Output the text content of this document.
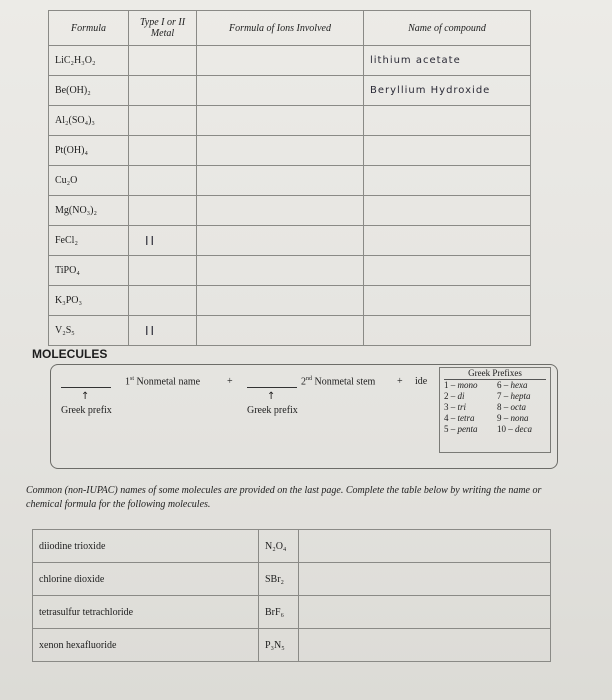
Formula	Type I or II Metal	Formula of Ions Involved	Name of compound
LiC₂H₃O₂			lithium acetate
Be(OH)₂			Beryllium Hydroxide
Al₂(SO₄)₃			
Pt(OH)₄			
Cu₂O			
Mg(NO₃)₂			
FeCl₂	II		
TiPO₄			
K₃PO₃			
V₂S₅	II		
MOLECULES
↑
Greek prefix
1st Nonmetal name	+
↑
Greek prefix
2nd Nonmetal stem + ide
Greek Prefixes
1 – mono	6 – hexa
2 – di	7 – hepta
3 – tri	8 – octa
4 – tetra	9 – nona
5 – penta	10 – deca
Common (non-IUPAC) names of some molecules are provided on the last page. Complete the table below by writing the name or chemical formula for the following molecules.
diiodine trioxide	N₂O₄	
chlorine dioxide	SBr₂	
tetrasulfur tetrachloride	BrF₆	
xenon hexafluoride	P₃N₅	
